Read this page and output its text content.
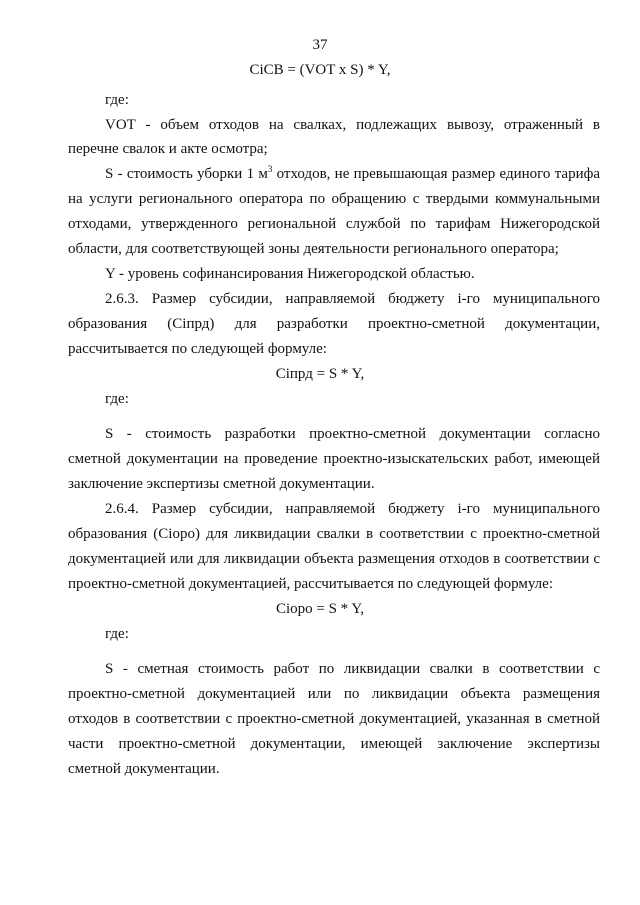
37
CiCB = (VOT x S) * Y,
где:
VOT - объем отходов на свалках, подлежащих вывозу, отраженный в
перечне свалок и акте осмотра;
S - стоимость уборки 1 $м^3$ отходов, не превышающая размер единого тарифа
на услуги регионального оператора по обращению с твердыми коммунальными
отходами, утвержденного региональной службой по тарифам Нижегородской
области, для соответствующей зоны деятельности регионального оператора;
Y - уровень софинансирования Нижегородской областью.
2.6.3. Размер субсидии, направляемой бюджету i-го муниципального
образования (Ciпрд) для разработки проектно-сметной документации,
рассчитывается по следующей формуле:
Ciпрд = S * Y,
где:
S - стоимость разработки проектно-сметной документации согласно
сметной документации на проведение проектно-изыскательских работ, имеющей
заключение экспертизы сметной документации.
2.6.4. Размер субсидии, направляемой бюджету i-го муниципального
образования (Ciоро) для ликвидации свалки в соответствии с проектно-сметной
документацией или для ликвидации объекта размещения отходов в соответствии с
проектно-сметной документацией, рассчитывается по следующей формуле:
Ciоро = S * Y,
где:
S - сметная стоимость работ по ликвидации свалки в соответствии с
проектно-сметной документацией или по ликвидации объекта размещения
отходов в соответствии с проектно-сметной документацией, указанная в сметной
части проектно-сметной документации, имеющей заключение экспертизы
сметной документации.
